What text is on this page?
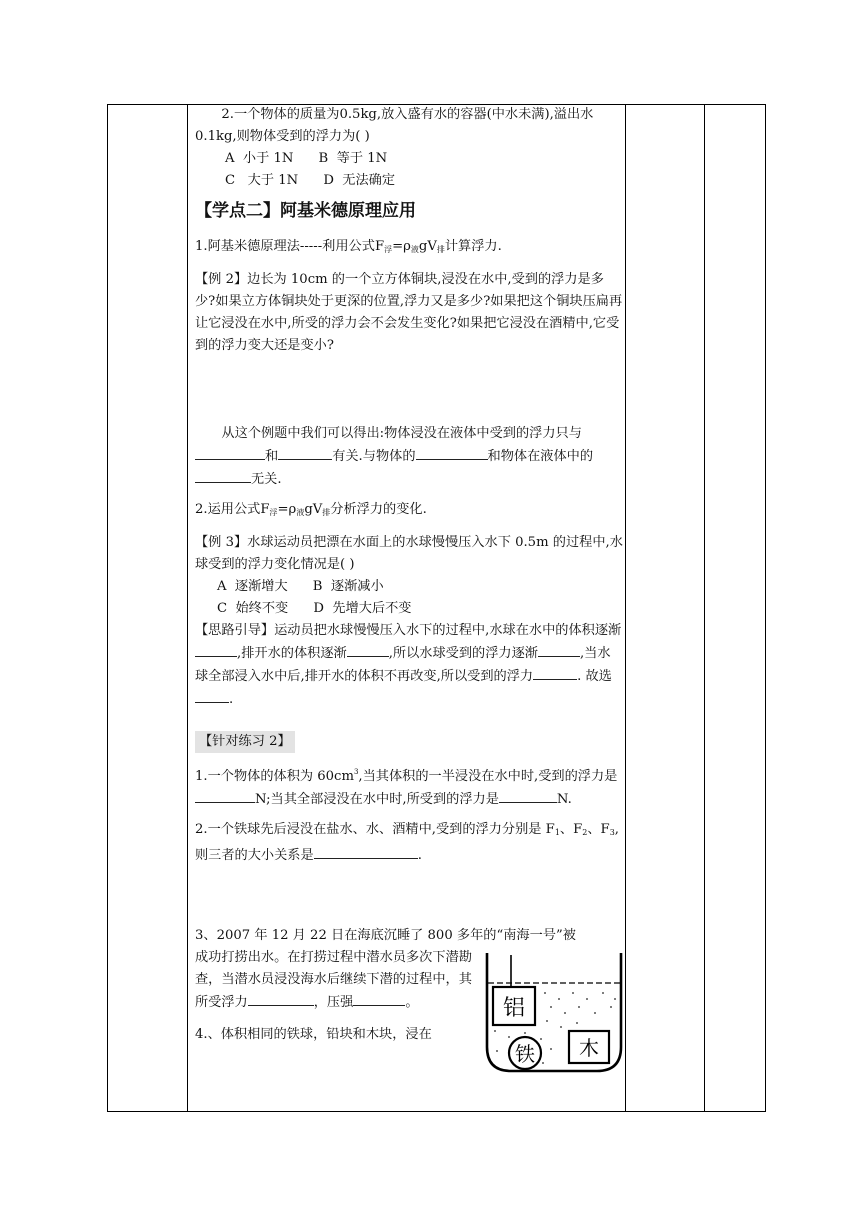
2.一个物体的质量为0.5kg,放入盛有水的容器(中水未满),溢出水0.1kg,则物体受到的浮力为( )

A  小于 1N      B  等于 1N

C   大于 1N      D  无法确定

【学点二】阿基米德原理应用

1.阿基米德原理法-----利用公式$F_浮=\rho_液gV_排$计算浮力.

【例 2】边长为 10cm 的一个立方体铜块,浸没在水中,受到的浮力是多少?如果立方体铜块处于更深的位置,浮力又是多少?如果把这个铜块压扁再让它浸没在水中,所受的浮力会不会发生变化?如果把它浸没在酒精中,它受到的浮力变大还是变小?

从这个例题中我们可以得出:物体浸没在液体中受到的浮力只与和	有关.与物体的	和物体在液体中的无关.

2.运用公式$F_浮=\rho_液gV_排$分析浮力的变化.

【例 3】水球运动员把漂在水面上的水球慢慢压入水下 0.5m 的过程中,水球受到的浮力变化情况是( )

A  逐渐增大      B  逐渐减小

C  始终不变      D  先增大后不变

【思路引导】运动员把水球慢慢压入水下的过程中,水球在水中的体积逐渐,排开水的体积逐渐	,所以水球受到的浮力逐渐	,当水球全部浸入水中后,排开水的体积不再改变,所以受到的浮力	. 故选.

【针对练习 2】

1.一个物体的体积为 $60cm^3$,当其体积的一半浸没在水中时,受到的浮力是N;当其全部浸没在水中时,所受到的浮力是	N.

2.一个铁球先后浸没在盐水、水、酒精中,受到的浮力分别是 $F_1$、$F_2$、$F_3$,则三者的大小关系是	.

3、2007 年 12 月 22 日在海底沉睡了 800 多年的“南海一号”被

成功打捞出水。在打捞过程中潜水员多次下潜勘查，当潜水员浸没海水后继续下潜的过程中，其所受浮力	，压强	。

4.、体积相同的铁球，铅块和木块，浸在

铝
铁 木
